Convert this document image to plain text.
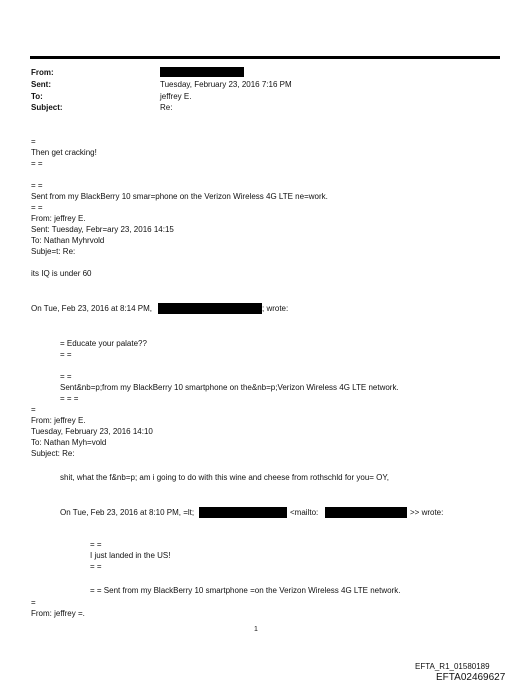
From:
Sent:	Tuesday, February 23, 2016 7:16 PM
To:	jeffrey E.
Subject:	Re:
=
Then get cracking!
= =
= =
Sent from my BlackBerry 10 smar=phone on the Verizon Wireless 4G LTE ne=work.
= =
From: jeffrey E.
Sent: Tuesday, Febr=ary 23, 2016 14:15
To: Nathan Myhrvold
Subje=t: Re:
its IQ is under 60
On Tue, Feb 23, 2016 at 8:14 PM,	; wrote:
= Educate your palate??
= =
= =
Sent&nb=p;from my BlackBerry 10 smartphone on the&nb=p;Verizon Wireless 4G LTE network.
= = =
=
From: jeffrey E.
Tuesday, February 23, 2016 14:10
To: Nathan Myh=vold
Subject: Re:
shit, what the f&nb=p; am i going to do with this wine and cheese from rothschld for you= OY,
On Tue, Feb 23, 2016 at 8:10 PM, =lt;	<mailto:	>> wrote:
= =
I just landed in the US!
= =
= = Sent from my BlackBerry 10 smartphone =on the Verizon Wireless 4G LTE network.
=
From: jeffrey =.
1
EFTA_R1_01580189
EFTA02469627
